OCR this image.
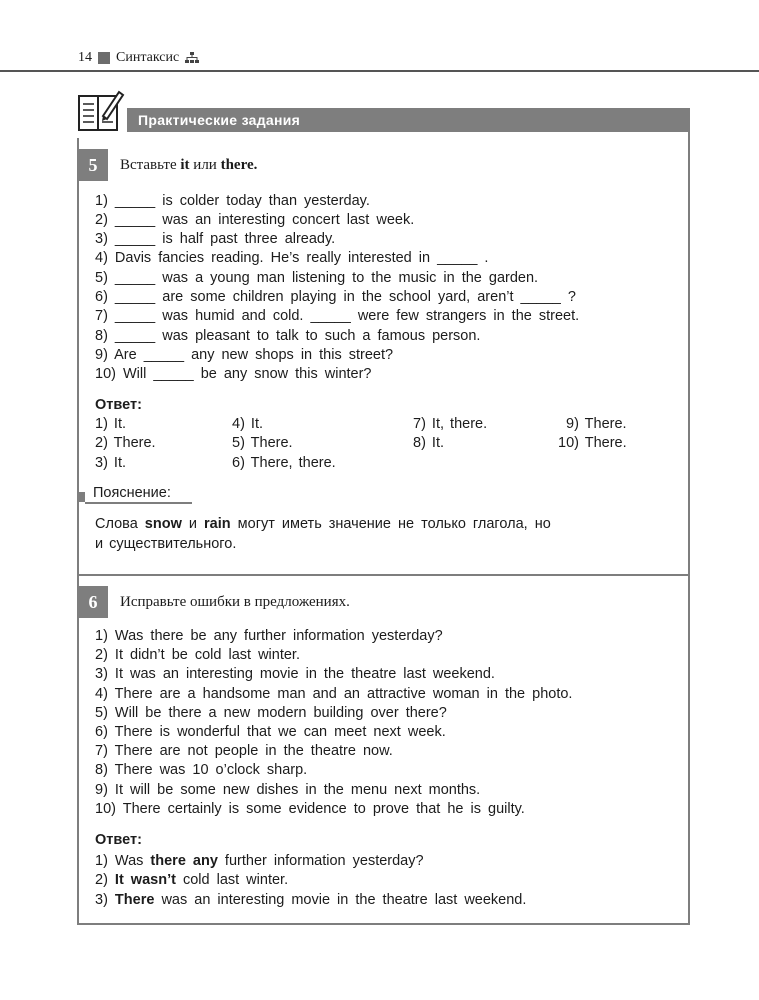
14 Синтаксис
Практические задания
5	Вставьте it или there.
1) _____ is colder today than yesterday.
2) _____ was an interesting concert last week.
3) _____ is half past three already.
4) Davis fancies reading. He’s really interested in _____ .
5) _____ was a young man listening to the music in the garden.
6) _____ are some children playing in the school yard, aren’t _____ ?
7) _____ was humid and cold. _____ were few strangers in the street.
8) _____ was pleasant to talk to such a famous person.
9) Are _____ any new shops in this street?
10) Will _____ be any snow this winter?
Ответ:
1) It.
2) There.
3) It.
4) It.
5) There.
6) There, there.
7) It, there.
8) It.
9) There.
10) There.
Пояснение:
Слова snow и rain могут иметь значение не только глагола, но
и существительного.
6	Исправьте ошибки в предложениях.
1) Was there be any further information yesterday?
2) It didn’t be cold last winter.
3) It was an interesting movie in the theatre last weekend.
4) There are a handsome man and an attractive woman in the photo.
5) Will be there a new modern building over there?
6) There is wonderful that we can meet next week.
7) There are not people in the theatre now.
8) There was 10 o’clock sharp.
9) It will be some new dishes in the menu next months.
10) There certainly is some evidence to prove that he is guilty.
Ответ:
1) Was there any further information yesterday?
2) It wasn’t cold last winter.
3) There was an interesting movie in the theatre last weekend.
